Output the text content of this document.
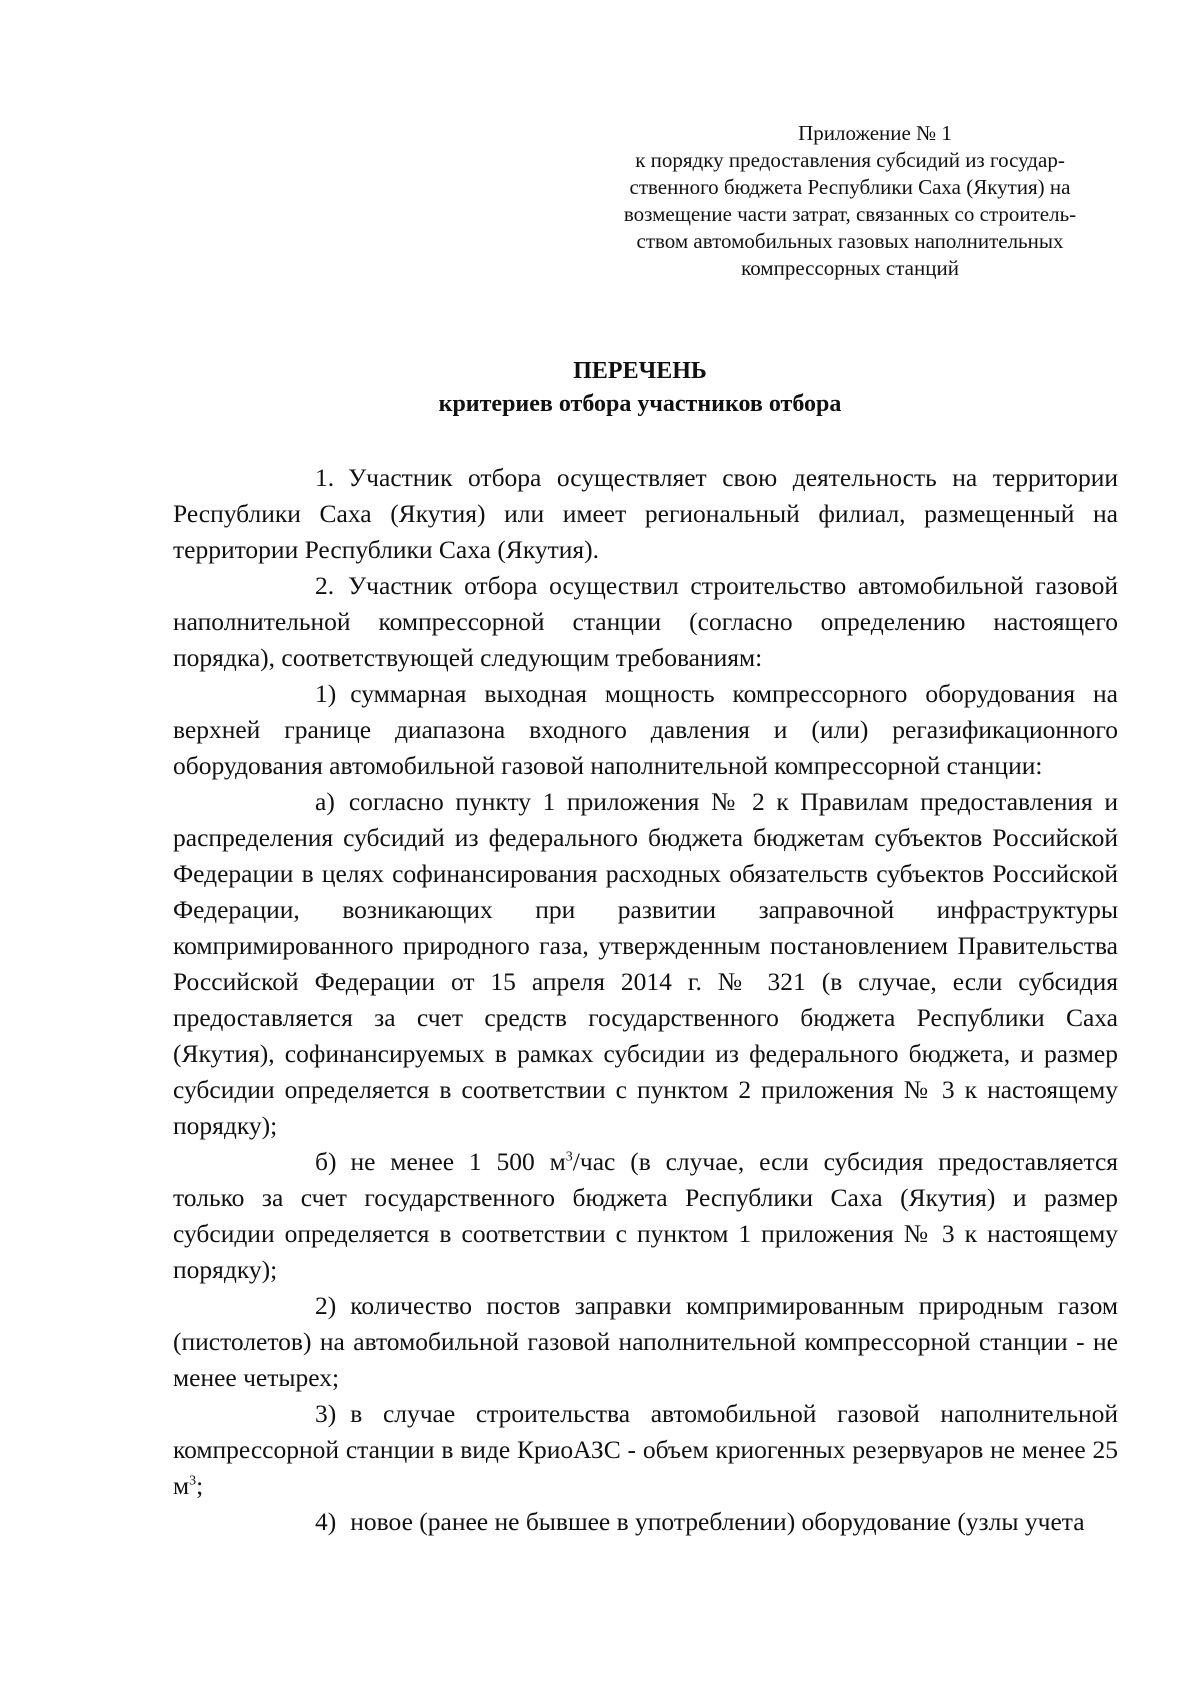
Приложение № 1
к порядку предоставления субсидий из государ-
ственного бюджета Республики Саха (Якутия) на
возмещение части затрат, связанных со строитель-
ством автомобильных газовых наполнительных
компрессорных станций
ПЕРЕЧЕНЬ
критериев отбора участников отбора

1. Участник отбора осуществляет свою деятельность на территории Республики Саха (Якутия) или имеет региональный филиал, размещенный на территории Республики Саха (Якутия).

2. Участник отбора осуществил строительство автомобильной газовой наполнительной компрессорной станции (согласно определению настоящего порядка), соответствующей следующим требованиям:

1) суммарная выходная мощность компрессорного оборудования на верхней границе диапазона входного давления и (или) регазификационного оборудования автомобильной газовой наполнительной компрессорной станции:

а) согласно пункту 1 приложения № 2 к Правилам предоставления и распределения субсидий из федерального бюджета бюджетам субъектов Российской Федерации в целях софинансирования расходных обязательств субъектов Российской Федерации, возникающих при развитии заправочной инфраструктуры компримированного природного газа, утвержденным постановлением Правительства Российской Федерации от 15 апреля 2014 г. № 321 (в случае, если субсидия предоставляется за счет средств государственного бюджета Республики Саха (Якутия), софинансируемых в рамках субсидии из федерального бюджета, и размер субсидии определяется в соответствии с пунктом 2 приложения № 3 к настоящему порядку);

б) не менее 1 500 $м^3$/час (в случае, если субсидия предоставляется только за счет государственного бюджета Республики Саха (Якутия) и размер субсидии определяется в соответствии с пунктом 1 приложения № 3 к настоящему порядку);

2) количество постов заправки компримированным природным газом (пистолетов) на автомобильной газовой наполнительной компрессорной станции - не менее четырех;

3) в случае строительства автомобильной газовой наполнительной компрессорной станции в виде КриоАЗС - объем криогенных резервуаров не менее 25 $м^3$;

4) новое (ранее не бывшее в употреблении) оборудование (узлы учета
